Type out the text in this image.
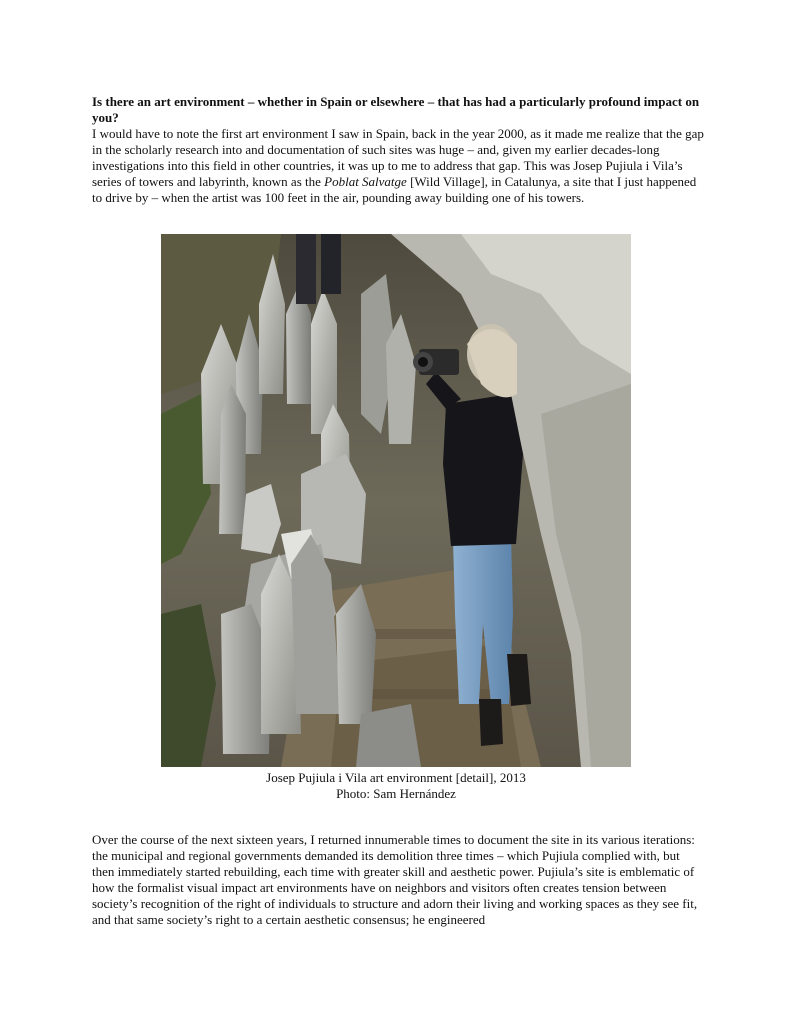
Is there an art environment – whether in Spain or elsewhere – that has had a particularly profound impact on you?

I would have to note the first art environment I saw in Spain, back in the year 2000, as it made me realize that the gap in the scholarly research into and documentation of such sites was huge – and, given my earlier decades-long investigations into this field in other countries, it was up to me to address that gap. This was Josep Pujiula i Vila’s series of towers and labyrinth, known as the Poblat Salvatge [Wild Village], in Catalunya, a site that I just happened to drive by – when the artist was 100 feet in the air, pounding away building one of his towers.

Josep Pujiula i Vila art environment [detail], 2013
Photo: Sam Hernández

Over the course of the next sixteen years, I returned innumerable times to document the site in its various iterations: the municipal and regional governments demanded its demolition three times – which Pujiula complied with, but then immediately started rebuilding, each time with greater skill and aesthetic power. Pujiula’s site is emblematic of how the formalist visual impact art environments have on neighbors and visitors often creates tension between society’s recognition of the right of individuals to structure and adorn their living and working spaces as they see fit, and that same society’s right to a certain aesthetic consensus; he engineered
